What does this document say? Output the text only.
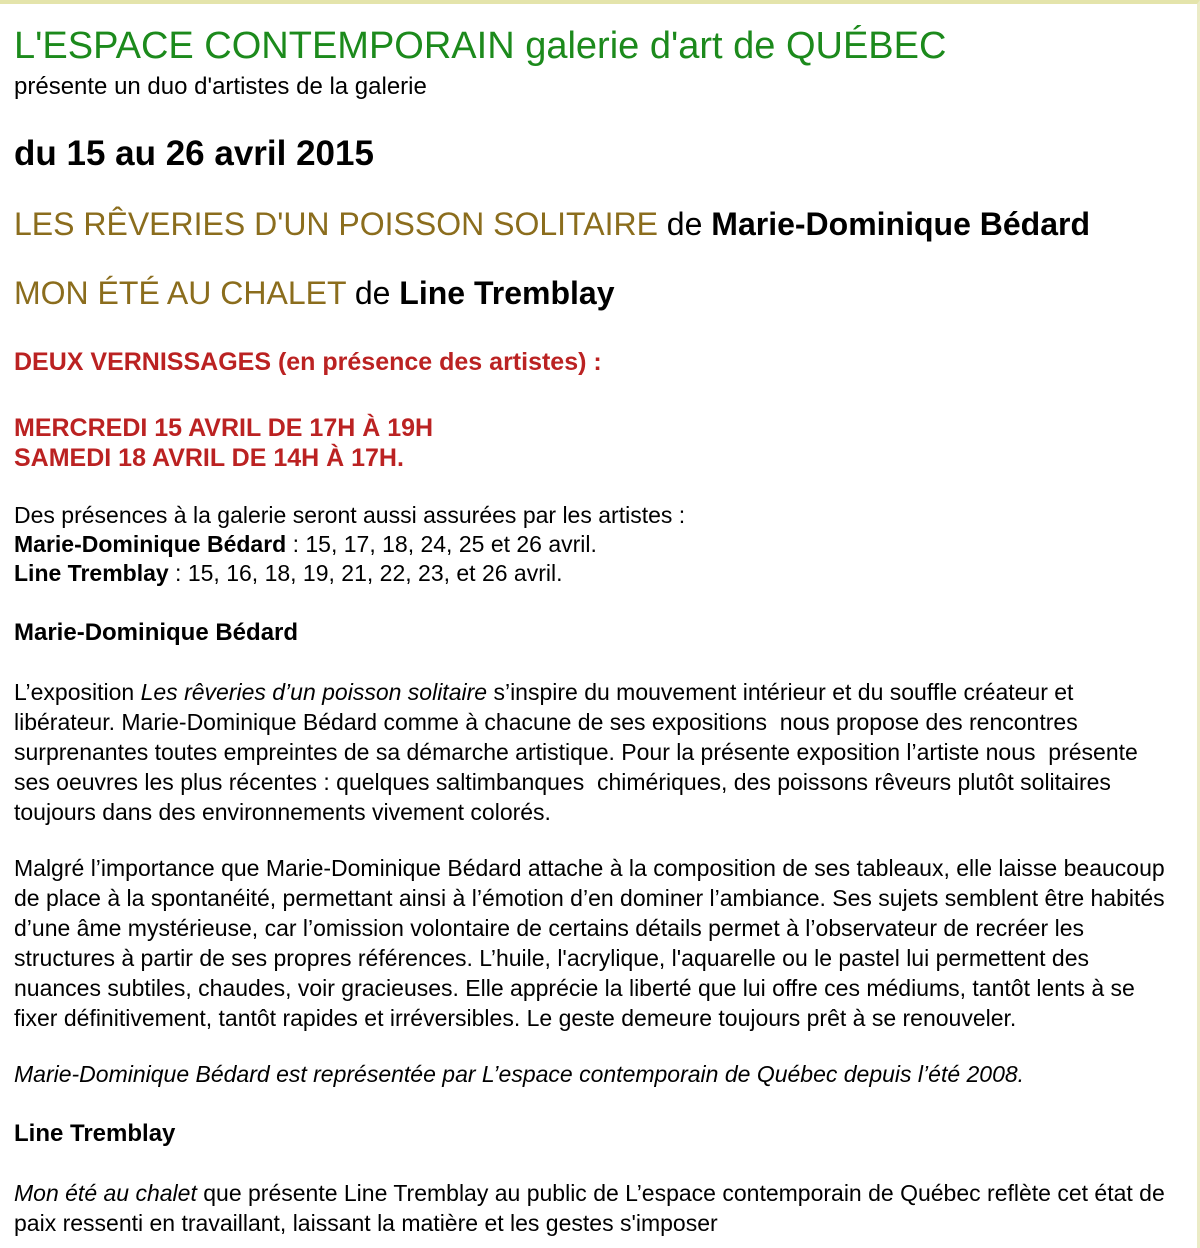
L'ESPACE CONTEMPORAIN galerie d'art de QUÉBEC

présente un duo d'artistes de la galerie

du 15 au 26 avril 2015
LES RÊVERIES D'UN POISSON SOLITAIRE de Marie-Dominique Bédard
MON ÉTÉ AU CHALET de Line Tremblay

DEUX VERNISSAGES (en présence des artistes) :

MERCREDI 15 AVRIL DE 17H À 19H
SAMEDI 18 AVRIL DE 14H À 17H.
Des présences à la galerie seront aussi assurées par les artistes :
Marie-Dominique Bédard : 15, 17, 18, 24, 25 et 26 avril.
Line Tremblay : 15, 16, 18, 19, 21, 22, 23, et 26 avril.
Marie-Dominique Bédard

L’exposition Les rêveries d’un poisson solitaire s’inspire du mouvement intérieur et du souffle créateur et libérateur. Marie-Dominique Bédard comme à chacune de ses expositions  nous propose des rencontres  surprenantes toutes empreintes de sa démarche artistique. Pour la présente exposition l’artiste nous  présente ses oeuvres les plus récentes : quelques saltimbanques  chimériques, des poissons rêveurs plutôt solitaires toujours dans des environnements vivement colorés.

Malgré l’importance que Marie-Dominique Bédard attache à la composition de ses tableaux, elle laisse beaucoup de place à la spontanéité, permettant ainsi à l’émotion d’en dominer l’ambiance. Ses sujets semblent être habités d’une âme mystérieuse, car l’omission volontaire de certains détails permet à l’observateur de recréer les structures à partir de ses propres références. L’huile, l'acrylique, l'aquarelle ou le pastel lui permettent des nuances subtiles, chaudes, voir gracieuses. Elle apprécie la liberté que lui offre ces médiums, tantôt lents à se fixer définitivement, tantôt rapides et irréversibles. Le geste demeure toujours prêt à se renouveler.

Marie-Dominique Bédard est représentée par L’espace contemporain de Québec depuis l’été 2008.

Line Tremblay

Mon été au chalet que présente Line Tremblay au public de L’espace contemporain de Québec reflète cet état de paix ressenti en travaillant, laissant la matière et les gestes s'imposer
